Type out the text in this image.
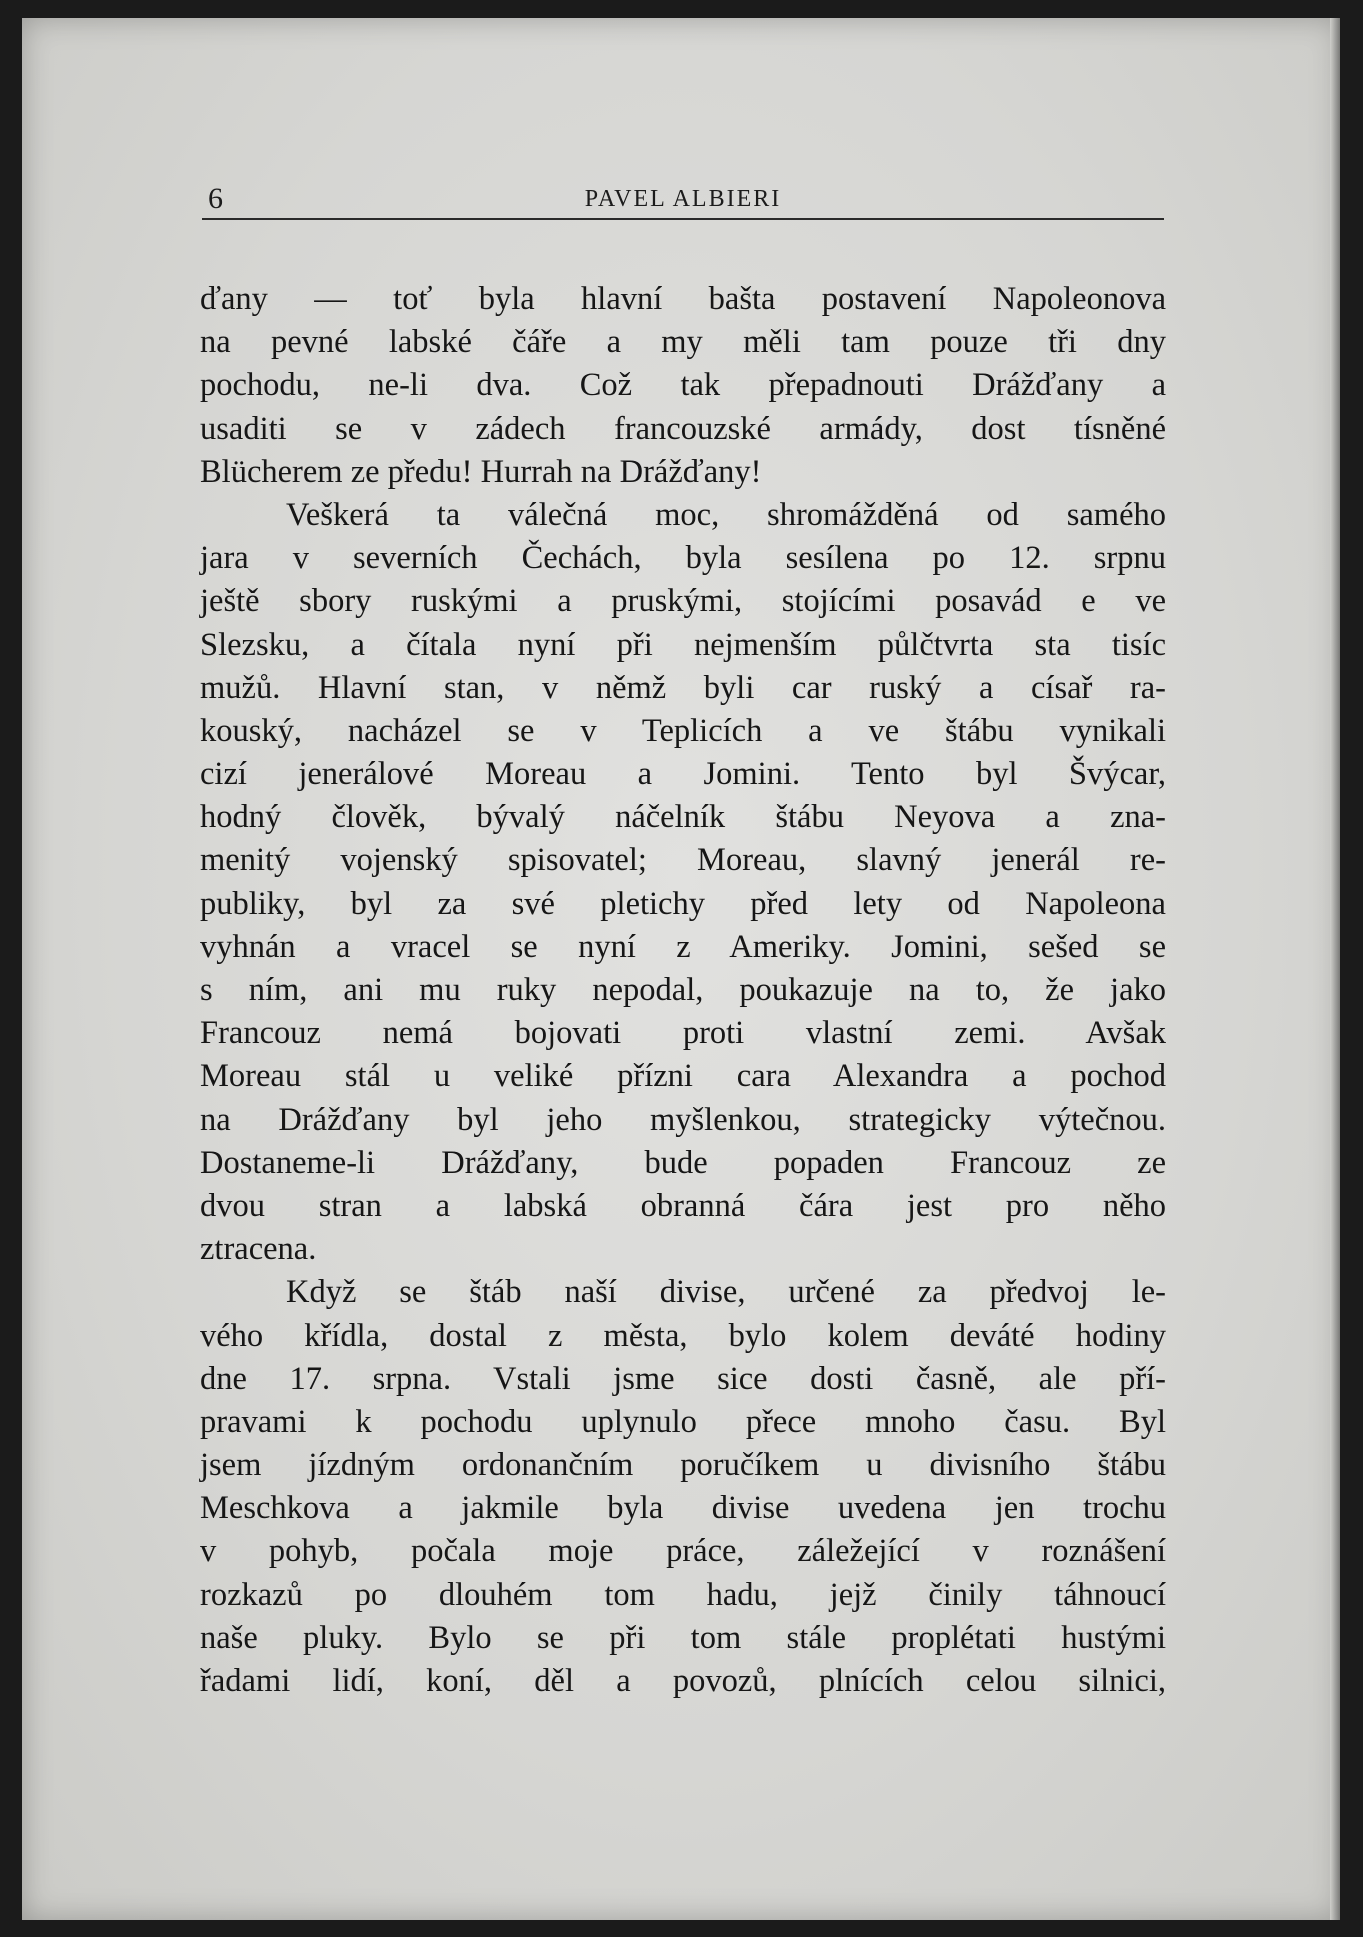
6	PAVEL ALBIERI
ďany — toť byla hlavní bašta postavení Napoleonova
na pevné labské čáře a my měli tam pouze tři dny
pochodu, ne-li dva. Což tak přepadnouti Drážďany a
usaditi se v zádech francouzské armády, dost tísněné
Blücherem ze předu! Hurrah na Drážďany!
Veškerá ta válečná moc, shromážděná od samého
jara v severních Čechách, byla sesílena po 12. srpnu
ještě sbory ruskými a pruskými, stojícími posavád e ve
Slezsku, a čítala nyní při nejmenším půlčtvrta sta tisíc
mužů. Hlavní stan, v němž byli car ruský a císař ra-
kouský, nacházel se v Teplicích a ve štábu vynikali
cizí jenerálové Moreau a Jomini. Tento byl Švýcar,
hodný člověk, bývalý náčelník štábu Neyova a zna-
menitý vojenský spisovatel; Moreau, slavný jenerál re-
publiky, byl za své pletichy před lety od Napoleona
vyhnán a vracel se nyní z Ameriky. Jomini, sešed se
s ním, ani mu ruky nepodal, poukazuje na to, že jako
Francouz nemá bojovati proti vlastní zemi. Avšak
Moreau stál u veliké přízni cara Alexandra a pochod
na Drážďany byl jeho myšlenkou, strategicky výtečnou.
Dostaneme-li Drážďany, bude popaden Francouz ze
dvou stran a labská obranná čára jest pro něho
ztracena.
Když se štáb naší divise, určené za předvoj le-
vého křídla, dostal z města, bylo kolem deváté hodiny
dne 17. srpna. Vstali jsme sice dosti časně, ale pří-
pravami k pochodu uplynulo přece mnoho času. Byl
jsem jízdným ordonančním poručíkem u divisního štábu
Meschkova a jakmile byla divise uvedena jen trochu
v pohyb, počala moje práce, záležející v roznášení
rozkazů po dlouhém tom hadu, jejž činily táhnoucí
naše pluky. Bylo se při tom stále proplétati hustými
řadami lidí, koní, děl a povozů, plnících celou silnici,
